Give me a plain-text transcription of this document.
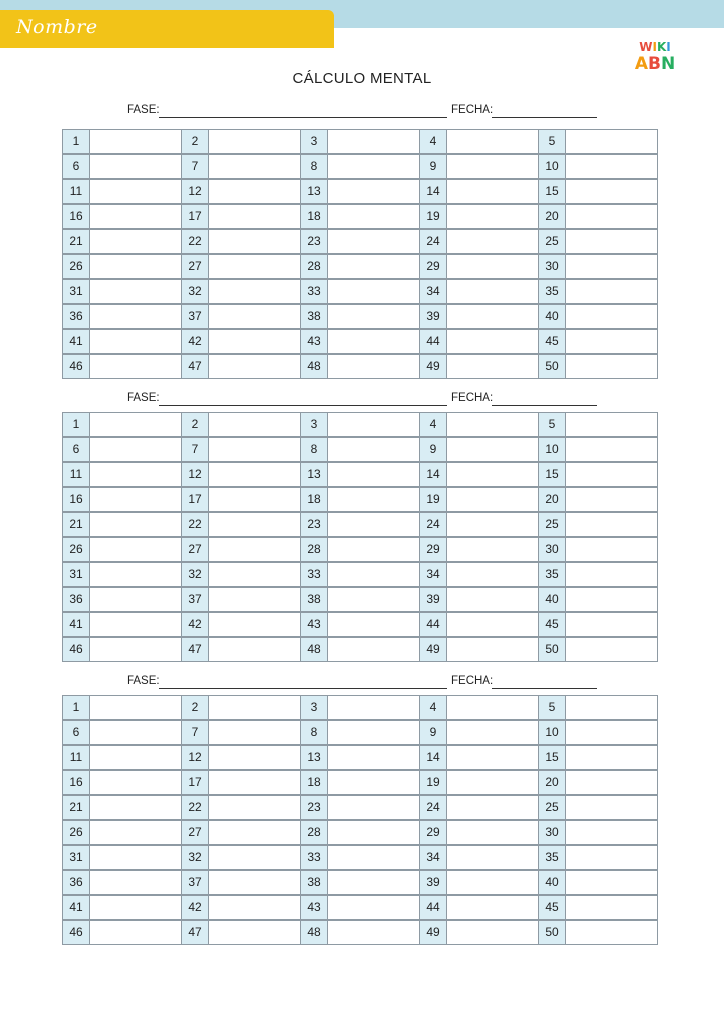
Nombre
WIKI
ABN
CÁLCULO MENTAL
FASE:	FECHA:
1	2	3	4	5
6	7	8	9	10
11	12	13	14	15
16	17	18	19	20
21	22	23	24	25
26	27	28	29	30
31	32	33	34	35
36	37	38	39	40
41	42	43	44	45
46	47	48	49	50
FASE:	FECHA:
1	2	3	4	5
6	7	8	9	10
11	12	13	14	15
16	17	18	19	20
21	22	23	24	25
26	27	28	29	30
31	32	33	34	35
36	37	38	39	40
41	42	43	44	45
46	47	48	49	50
FASE:	FECHA:
1	2	3	4	5
6	7	8	9	10
11	12	13	14	15
16	17	18	19	20
21	22	23	24	25
26	27	28	29	30
31	32	33	34	35
36	37	38	39	40
41	42	43	44	45
46	47	48	49	50
